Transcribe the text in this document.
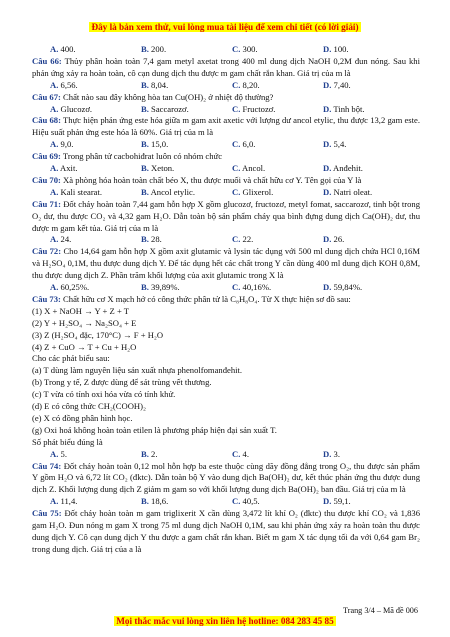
Đây là bản xem thử, vui lòng mua tài liệu để xem chi tiết (có lời giải)
A. 400.	B. 200.	C. 300.	D. 100.

Câu 66: Thủy phân hoàn toàn 7,4 gam metyl axetat trong 400 ml dung dịch NaOH 0,2M đun nóng. Sau khi phản ứng xảy ra hoàn toàn, cô cạn dung dịch thu được m gam chất rắn khan. Giá trị của m là

A. 6,56.	B. 8,04.	C. 8,20.	D. 7,40.

Câu 67: Chất nào sau đây không hòa tan Cu(OH)₂ ở nhiệt độ thường?

A. Glucozơ.	B. Saccarozơ.	C. Fructozơ.	D. Tinh bột.

Câu 68: Thực hiện phản ứng este hóa giữa m gam axit axetic với lượng dư ancol etylic, thu được 13,2 gam este. Hiệu suất phản ứng este hóa là 60%. Giá trị của m là

A. 9,0.	B. 15,0.	C. 6,0.	D. 5,4.

Câu 69: Trong phân tử cacbohiđrat luôn có nhóm chức

A. Axit.	B. Xeton.	C. Ancol.	D. Anđehit.

Câu 70: Xà phòng hóa hoàn toàn chất béo X, thu được muối và chất hữu cơ Y. Tên gọi của Y là

A. Kali stearat.	B. Ancol etylic.	C. Glixerol.	D. Natri oleat.

Câu 71: Đốt cháy hoàn toàn 7,44 gam hỗn hợp X gồm glucozơ, fructozơ, metyl fomat, saccarozơ, tinh bột trong O₂ dư, thu được CO₂ và 4,32 gam H₂O. Dẫn toàn bộ sản phẩm cháy qua bình đựng dung dịch Ca(OH)₂ dư, thu được m gam kết tủa. Giá trị của m là

A. 24.	B. 28.	C. 22.	D. 26.

Câu 72: Cho 14,64 gam hỗn hợp X gồm axit glutamic và lysin tác dụng với 500 ml dung dịch chứa HCl 0,16M và H₂SO₄ 0,1M, thu được dung dịch Y. Để tác dụng hết các chất trong Y cần dùng 400 ml dung dịch KOH 0,8M, thu được dung dịch Z. Phần trăm khối lượng của axit glutamic trong X là

A. 60,25%.	B. 39,89%.	C. 40,16%.	D. 59,84%.

Câu 73: Chất hữu cơ X mạch hở có công thức phân tử là C₈H₈O₄. Từ X thực hiện sơ đồ sau:

(1) X + NaOH → Y + Z + T
(2) Y + H₂SO₄ → Na₂SO₄ + E
(3) Z (H₂SO₄ đặc, 170°C) → F + H₂O
(4) Z + CuO → T + Cu + H₂O
Cho các phát biểu sau:
(a) T dùng làm nguyên liệu sản xuất nhựa phenolfomanđehit.
(b) Trong y tế, Z được dùng để sát trùng vết thương.
(c) T vừa có tính oxi hóa vừa có tính khử.
(d) E có công thức CH₂(COOH)₂
(e) X có đồng phân hình học.
(g) Oxi hoá không hoàn toàn etilen là phương pháp hiện đại sản xuất T.
Số phát biểu đúng là
A. 5.	B. 2.	C. 4.	D. 3.

Câu 74: Đốt cháy hoàn toàn 0,12 mol hỗn hợp ba este thuộc cùng dãy đồng đẳng trong O₂, thu được sản phẩm Y gồm H₂O và 6,72 lít CO₂ (đktc). Dẫn toàn bộ Y vào dung dịch Ba(OH)₂ dư, kết thúc phản ứng thu được dung dịch Z. Khối lượng dung dịch Z giảm m gam so với khối lượng dung dịch Ba(OH)₂ ban đầu. Giá trị của m là

A. 11,4.	B. 18,6.	C. 40,5.	D. 59,1.

Câu 75: Đốt cháy hoàn toàn m gam triglixerit X cần dùng 3,472 lít khí O₂ (đktc) thu được khí CO₂ và 1,836 gam H₂O. Đun nóng m gam X trong 75 ml dung dịch NaOH 0,1M, sau khi phản ứng xảy ra hoàn toàn thu được dung dịch Y. Cô cạn dung dịch Y thu được a gam chất rắn khan. Biết m gam X tác dụng tối đa với 0,64 gam Br₂ trong dung dịch. Giá trị của a là

Trang 3/4 – Mã đề 006
Mọi thắc mắc vui lòng xin liên hệ hotline: 084 283 45 85
